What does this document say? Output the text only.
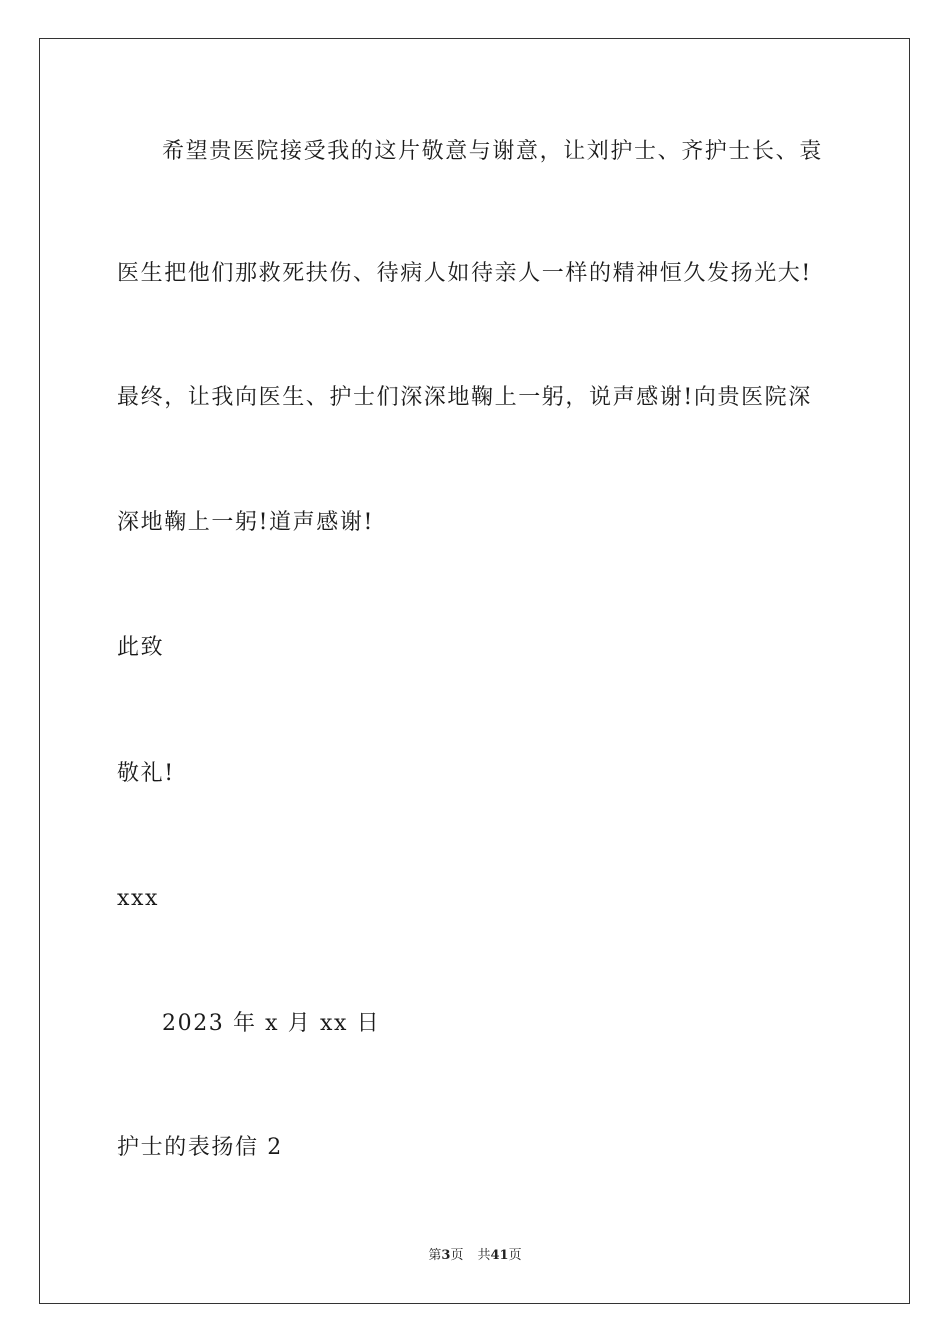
希望贵医院接受我的这片敬意与谢意，让刘护士、齐护士长、袁
医生把他们那救死扶伤、待病人如待亲人一样的精神恒久发扬光大!
最终，让我向医生、护士们深深地鞠上一躬，说声感谢!向贵医院深
深地鞠上一躬!道声感谢!
此致
敬礼!
xxx
2023 年 x 月 xx 日
护士的表扬信 2
第3页 共41页
